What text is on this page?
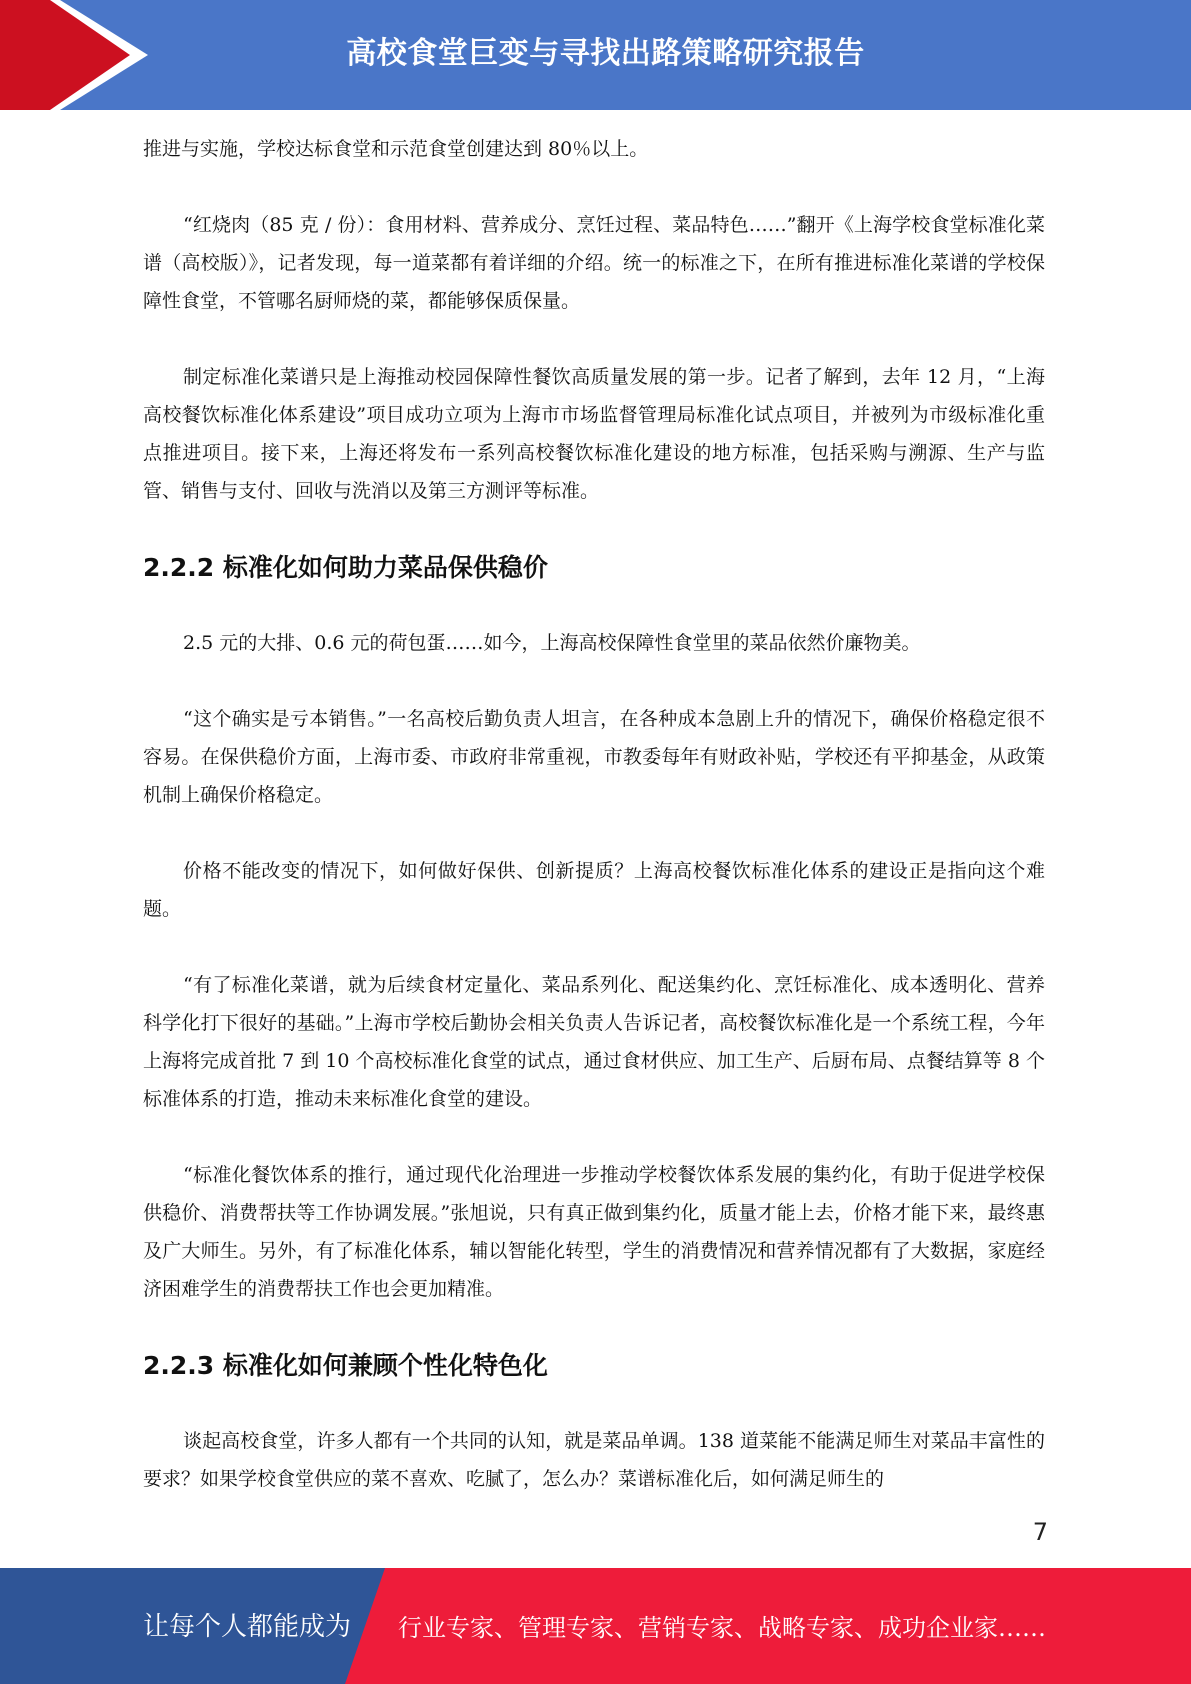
高校食堂巨变与寻找出路策略研究报告

推进与实施，学校达标食堂和示范食堂创建达到 80％以上。

“红烧肉（85 克 / 份）：食用材料、营养成分、烹饪过程、菜品特色……”翻开《上海学校食堂标准化菜谱（高校版）》，记者发现，每一道菜都有着详细的介绍。统一的标准之下，在所有推进标准化菜谱的学校保障性食堂，不管哪名厨师烧的菜，都能够保质保量。

制定标准化菜谱只是上海推动校园保障性餐饮高质量发展的第一步。记者了解到，去年 12 月，“上海高校餐饮标准化体系建设”项目成功立项为上海市市场监督管理局标准化试点项目，并被列为市级标准化重点推进项目。接下来，上海还将发布一系列高校餐饮标准化建设的地方标准，包括采购与溯源、生产与监管、销售与支付、回收与洗消以及第三方测评等标准。

2.2.2 标准化如何助力菜品保供稳价

2.5 元的大排、0.6 元的荷包蛋……如今，上海高校保障性食堂里的菜品依然价廉物美。

“这个确实是亏本销售。”一名高校后勤负责人坦言，在各种成本急剧上升的情况下，确保价格稳定很不容易。在保供稳价方面，上海市委、市政府非常重视，市教委每年有财政补贴，学校还有平抑基金，从政策机制上确保价格稳定。

价格不能改变的情况下，如何做好保供、创新提质？上海高校餐饮标准化体系的建设正是指向这个难题。

“有了标准化菜谱，就为后续食材定量化、菜品系列化、配送集约化、烹饪标准化、成本透明化、营养科学化打下很好的基础。”上海市学校后勤协会相关负责人告诉记者，高校餐饮标准化是一个系统工程，今年上海将完成首批 7 到 10 个高校标准化食堂的试点，通过食材供应、加工生产、后厨布局、点餐结算等 8 个标准体系的打造，推动未来标准化食堂的建设。

“标准化餐饮体系的推行，通过现代化治理进一步推动学校餐饮体系发展的集约化，有助于促进学校保供稳价、消费帮扶等工作协调发展。”张旭说，只有真正做到集约化，质量才能上去，价格才能下来，最终惠及广大师生。另外，有了标准化体系，辅以智能化转型，学生的消费情况和营养情况都有了大数据，家庭经济困难学生的消费帮扶工作也会更加精准。

2.2.3 标准化如何兼顾个性化特色化

谈起高校食堂，许多人都有一个共同的认知，就是菜品单调。138 道菜能不能满足师生对菜品丰富性的要求？如果学校食堂供应的菜不喜欢、吃腻了，怎么办？菜谱标准化后，如何满足师生的

7
让每个人都能成为 行业专家、管理专家、营销专家、战略专家、成功企业家……
